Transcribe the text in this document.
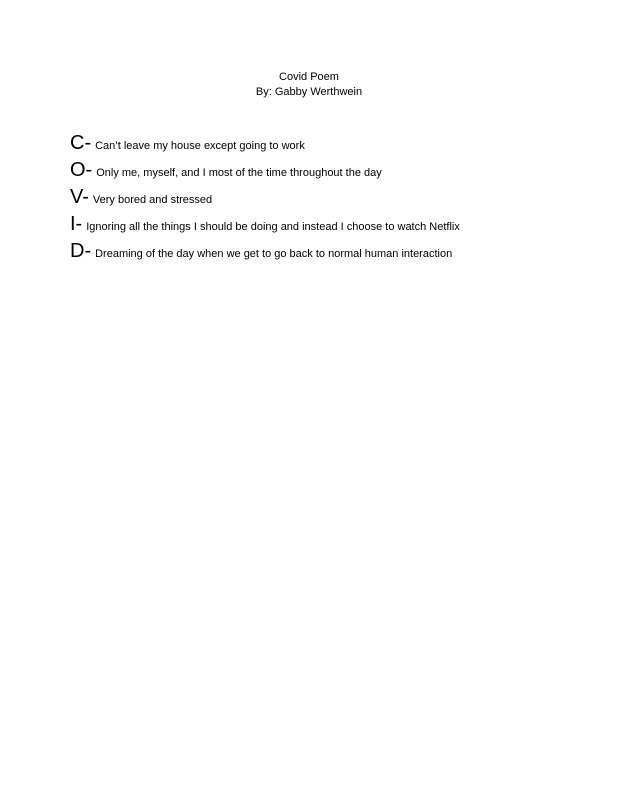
Covid Poem
By: Gabby Werthwein
C- Can’t leave my house except going to work
O- Only me, myself, and I most of the time throughout the day
V- Very bored and stressed
I- Ignoring all the things I should be doing and instead I choose to watch Netflix
D- Dreaming of the day when we get to go back to normal human interaction
